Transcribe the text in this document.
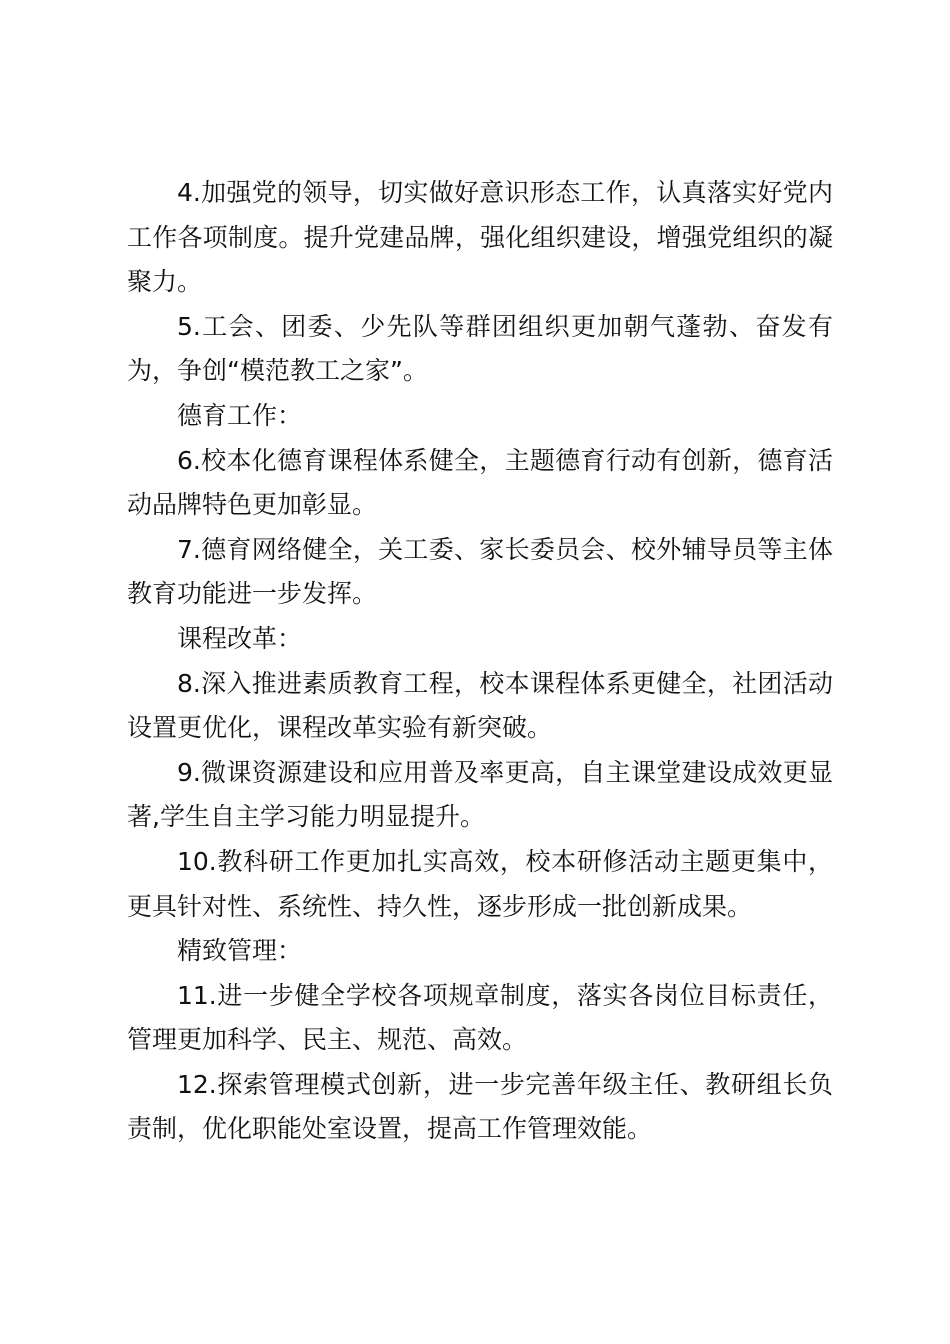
4.加强党的领导，切实做好意识形态工作，认真落实好党内工作各项制度。提升党建品牌，强化组织建设，增强党组织的凝聚力。

5.工会、团委、少先队等群团组织更加朝气蓬勃、奋发有为，争创“模范教工之家”。

德育工作：

6.校本化德育课程体系健全，主题德育行动有创新，德育活动品牌特色更加彰显。

7.德育网络健全，关工委、家长委员会、校外辅导员等主体教育功能进一步发挥。

课程改革：

8.深入推进素质教育工程，校本课程体系更健全，社团活动设置更优化，课程改革实验有新突破。

9.微课资源建设和应用普及率更高，自主课堂建设成效更显著,学生自主学习能力明显提升。

10.教科研工作更加扎实高效，校本研修活动主题更集中，更具针对性、系统性、持久性，逐步形成一批创新成果。

精致管理：

11.进一步健全学校各项规章制度，落实各岗位目标责任，管理更加科学、民主、规范、高效。

12.探索管理模式创新，进一步完善年级主任、教研组长负责制，优化职能处室设置，提高工作管理效能。
